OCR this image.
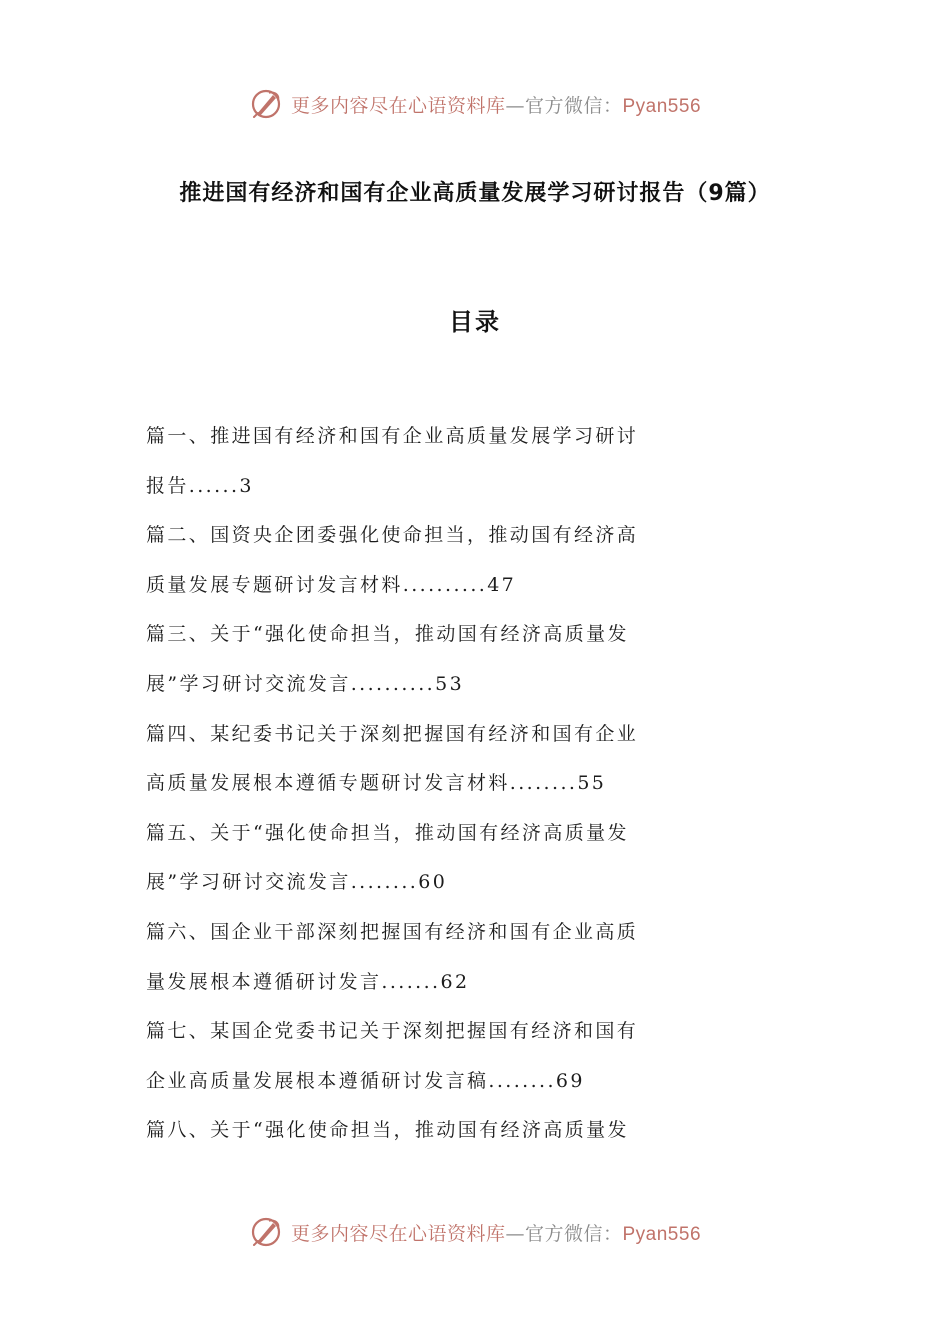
更多内容尽在心语资料库—官方微信：Pyan556
推进国有经济和国有企业高质量发展学习研讨报告（9篇）
目录
篇一、推进国有经济和国有企业高质量发展学习研讨
报告......3
篇二、国资央企团委强化使命担当，推动国有经济高
质量发展专题研讨发言材料..........47
篇三、关于“强化使命担当，推动国有经济高质量发
展”学习研讨交流发言..........53
篇四、某纪委书记关于深刻把握国有经济和国有企业
高质量发展根本遵循专题研讨发言材料........55
篇五、关于“强化使命担当，推动国有经济高质量发
展”学习研讨交流发言........60
篇六、国企业干部深刻把握国有经济和国有企业高质
量发展根本遵循研讨发言.......62
篇七、某国企党委书记关于深刻把握国有经济和国有
企业高质量发展根本遵循研讨发言稿........69
篇八、关于“强化使命担当，推动国有经济高质量发
更多内容尽在心语资料库—官方微信：Pyan556
